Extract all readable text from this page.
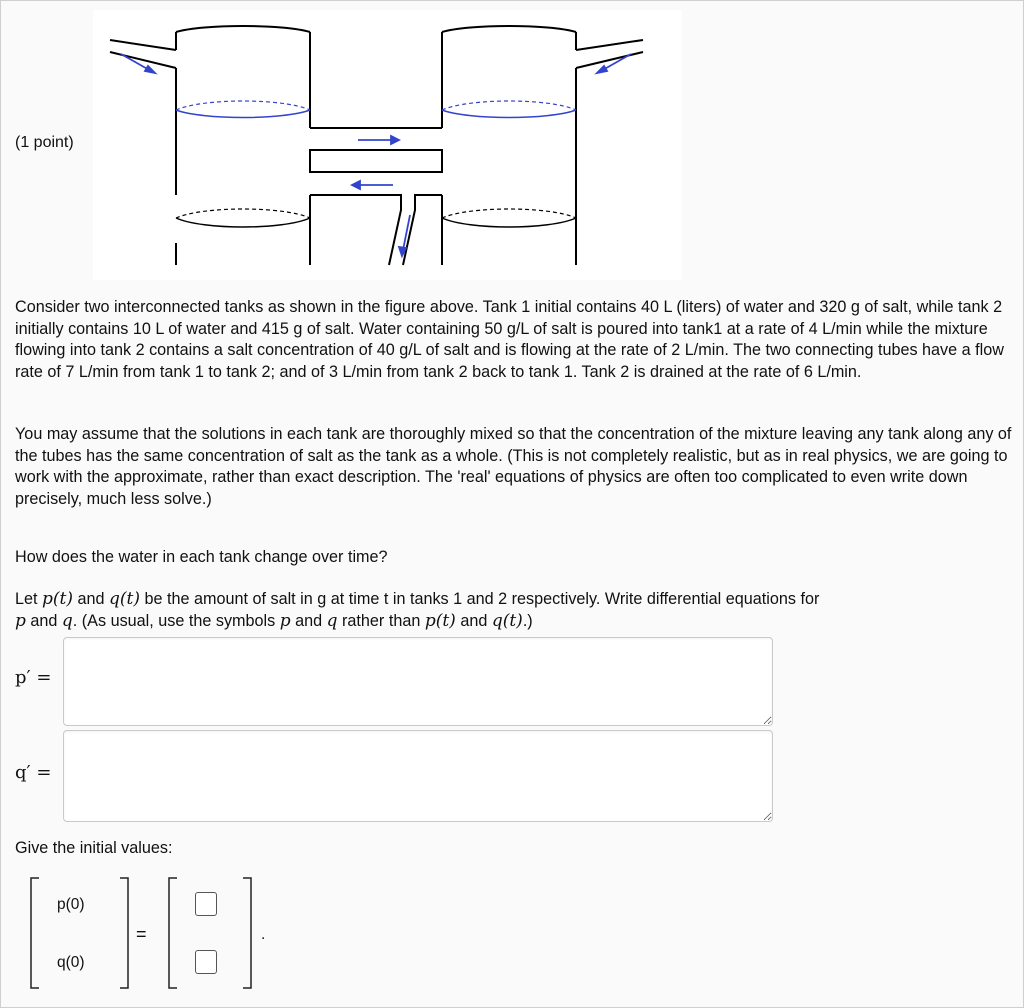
(1 point)

Consider two interconnected tanks as shown in the figure above. Tank 1 initial contains 40 L (liters) of water and 320 g of salt, while tank 2 initially contains 10 L of water and 415 g of salt. Water containing 50 g/L of salt is poured into tank1 at a rate of 4 L/min while the mixture flowing into tank 2 contains a salt concentration of 40 g/L of salt and is flowing at the rate of 2 L/min. The two connecting tubes have a flow rate of 7 L/min from tank 1 to tank 2; and of 3 L/min from tank 2 back to tank 1. Tank 2 is drained at the rate of 6 L/min.

You may assume that the solutions in each tank are thoroughly mixed so that the concentration of the mixture leaving any tank along any of the tubes has the same concentration of salt as the tank as a whole. (This is not completely realistic, but as in real physics, we are going to work with the approximate, rather than exact description. The 'real' equations of physics are often too complicated to even write down precisely, much less solve.)

How does the water in each tank change over time?

Let p(t) and q(t) be the amount of salt in g at time t in tanks 1 and 2 respectively. Write differential equations for
p and q. (As usual, use the symbols p and q rather than p(t) and q(t).)

p′ =
q′ =
Give the initial values:
p(0)
q(0)
=	.
